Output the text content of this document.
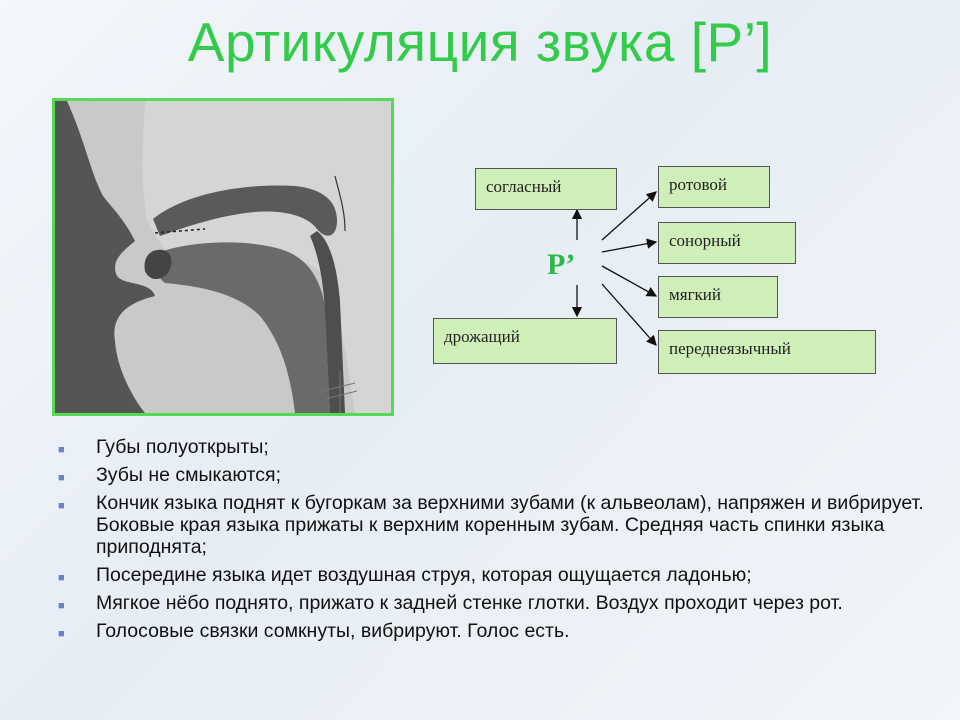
Артикуляция звука [Р’]
согласный
дрожащий
ротовой
сонорный
мягкий
переднеязычный
Р’
■ Губы полуоткрыты;
■ Зубы не смыкаются;
■ Кончик языка поднят к бугоркам за верхними зубами (к альвеолам), напряжен и вибрирует. Боковые края языка прижаты к верхним коренным зубам. Средняя часть спинки языка приподнята;
■ Посередине языка идет воздушная струя, которая ощущается ладонью;
■ Мягкое нёбо поднято, прижато к задней стенке глотки. Воздух проходит через рот.
■ Голосовые связки сомкнуты, вибрируют. Голос есть.
